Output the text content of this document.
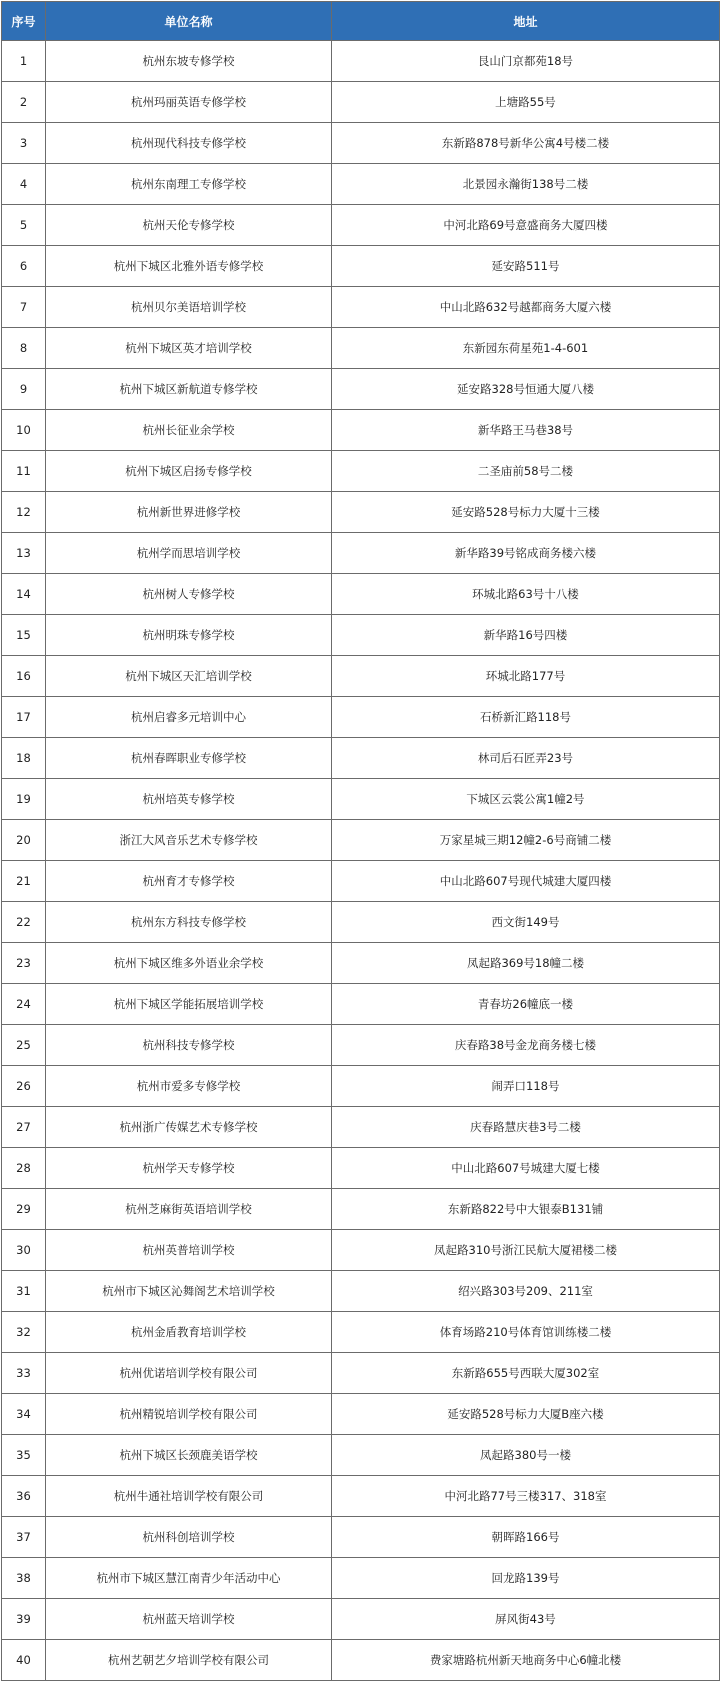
序号	单位名称	地址
1	杭州东坡专修学校	艮山门京都苑18号
2	杭州玛丽英语专修学校	上塘路55号
3	杭州现代科技专修学校	东新路878号新华公寓4号楼二楼
4	杭州东南理工专修学校	北景园永瀚街138号二楼
5	杭州天伦专修学校	中河北路69号意盛商务大厦四楼
6	杭州下城区北雅外语专修学校	延安路511号
7	杭州贝尔美语培训学校	中山北路632号越都商务大厦六楼
8	杭州下城区英才培训学校	东新园东荷星苑1-4-601
9	杭州下城区新航道专修学校	延安路328号恒通大厦八楼
10	杭州长征业余学校	新华路王马巷38号
11	杭州下城区启扬专修学校	二圣庙前58号二楼
12	杭州新世界进修学校	延安路528号标力大厦十三楼
13	杭州学而思培训学校	新华路39号铭成商务楼六楼
14	杭州树人专修学校	环城北路63号十八楼
15	杭州明珠专修学校	新华路16号四楼
16	杭州下城区天汇培训学校	环城北路177号
17	杭州启睿多元培训中心	石桥新汇路118号
18	杭州春晖职业专修学校	林司后石匠弄23号
19	杭州培英专修学校	下城区云裳公寓1幢2号
20	浙江大风音乐艺术专修学校	万家星城三期12幢2-6号商铺二楼
21	杭州育才专修学校	中山北路607号现代城建大厦四楼
22	杭州东方科技专修学校	西文街149号
23	杭州下城区维多外语业余学校	凤起路369号18幢二楼
24	杭州下城区学能拓展培训学校	青春坊26幢底一楼
25	杭州科技专修学校	庆春路38号金龙商务楼七楼
26	杭州市爱多专修学校	闹弄口118号
27	杭州浙广传媒艺术专修学校	庆春路慧庆巷3号二楼
28	杭州学天专修学校	中山北路607号城建大厦七楼
29	杭州芝麻街英语培训学校	东新路822号中大银泰B131铺
30	杭州英普培训学校	凤起路310号浙江民航大厦裙楼二楼
31	杭州市下城区沁舞阁艺术培训学校	绍兴路303号209、211室
32	杭州金盾教育培训学校	体育场路210号体育馆训练楼二楼
33	杭州优诺培训学校有限公司	东新路655号西联大厦302室
34	杭州精锐培训学校有限公司	延安路528号标力大厦B座六楼
35	杭州下城区长颈鹿美语学校	凤起路380号一楼
36	杭州牛通社培训学校有限公司	中河北路77号三楼317、318室
37	杭州科创培训学校	朝晖路166号
38	杭州市下城区慧江南青少年活动中心	回龙路139号
39	杭州蓝天培训学校	屏风街43号
40	杭州艺朝艺夕培训学校有限公司	费家塘路杭州新天地商务中心6幢北楼
